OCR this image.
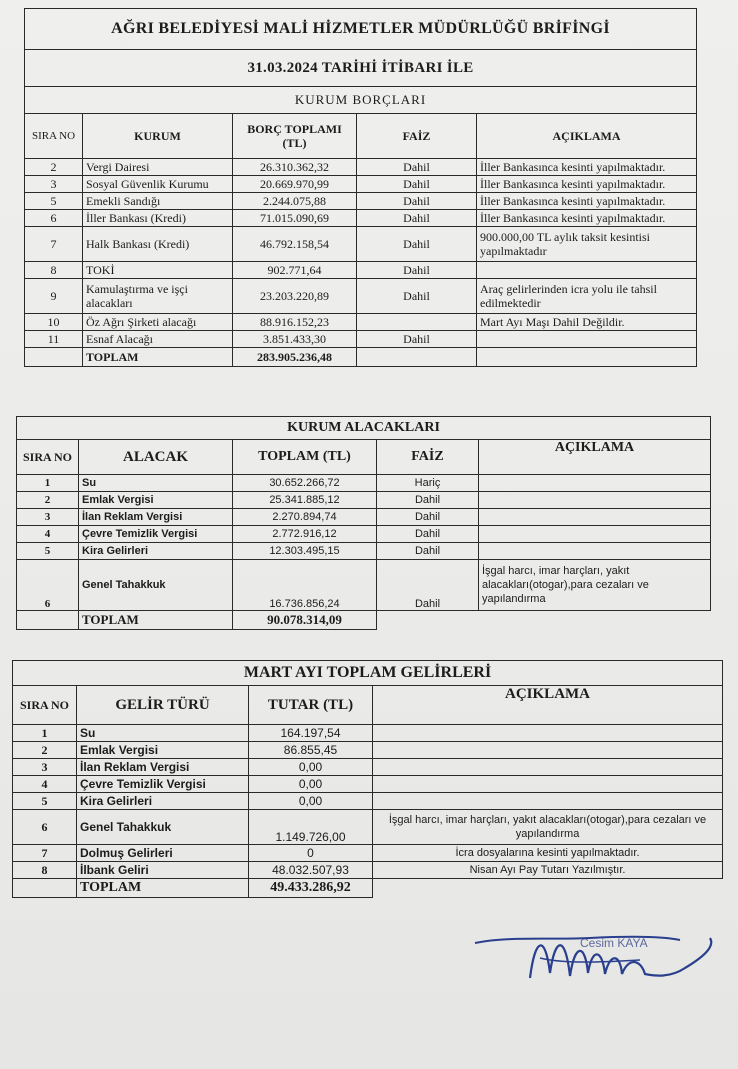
AĞRI BELEDİYESİ MALİ HİZMETLER MÜDÜRLÜĞÜ BRİFİNGİ				
31.03.2024 TARİHİ İTİBARI İLE				
KURUM BORÇLARI				
SIRA NO	KURUM	BORÇ TOPLAMI (TL)	FAİZ	AÇIKLAMA
2	Vergi Dairesi	26.310.362,32	Dahil	İller Bankasınca kesinti yapılmaktadır.
3	Sosyal Güvenlik Kurumu	20.669.970,99	Dahil	İller Bankasınca kesinti yapılmaktadır.
5	Emekli Sandığı	2.244.075,88	Dahil	İller Bankasınca kesinti yapılmaktadır.
6	İller Bankası (Kredi)	71.015.090,69	Dahil	İller Bankasınca kesinti yapılmaktadır.
7	Halk Bankası (Kredi)	46.792.158,54	Dahil	900.000,00 TL aylık taksit kesintisi yapılmaktadır
8	TOKİ	902.771,64	Dahil	
9	Kamulaştırma ve işçi alacakları	23.203.220,89	Dahil	Araç gelirlerinden icra yolu ile tahsil edilmektedir
10	Öz Ağrı Şirketi alacağı	88.916.152,23		Mart Ayı Maşı Dahil Değildir.
11	Esnaf Alacağı	3.851.433,30	Dahil	
	TOPLAM	283.905.236,48		
KURUM ALACAKLARI				
SIRA NO	ALACAK	TOPLAM (TL)	FAİZ	AÇIKLAMA
1	Su	30.652.266,72	Hariç	
2	Emlak Vergisi	25.341.885,12	Dahil	
3	İlan Reklam Vergisi	2.270.894,74	Dahil	
4	Çevre Temizlik Vergisi	2.772.916,12	Dahil	
5	Kira Gelirleri	12.303.495,15	Dahil	
6	Genel Tahakkuk	16.736.856,24	Dahil	İşgal harcı, imar harçları, yakıt alacakları(otogar),para cezaları ve yapılandırma
	TOPLAM	90.078.314,09		
MART AYI TOPLAM GELİRLERİ			
SIRA NO	GELİR TÜRÜ	TUTAR (TL)	AÇIKLAMA
1	Su	164.197,54	
2	Emlak Vergisi	86.855,45	
3	İlan Reklam Vergisi	0,00	
4	Çevre Temizlik Vergisi	0,00	
5	Kira Gelirleri	0,00	
6	Genel Tahakkuk	1.149.726,00	İşgal harcı, imar harçları, yakıt alacakları(otogar),para cezaları ve yapılandırma
7	Dolmuş Gelirleri	0	İcra dosyalarına kesinti yapılmaktadır.
8	İlbank Geliri	48.032.507,93	Nisan Ayı Pay Tutarı Yazılmıştır.
	TOPLAM	49.433.286,92	
Cesim KAYA
